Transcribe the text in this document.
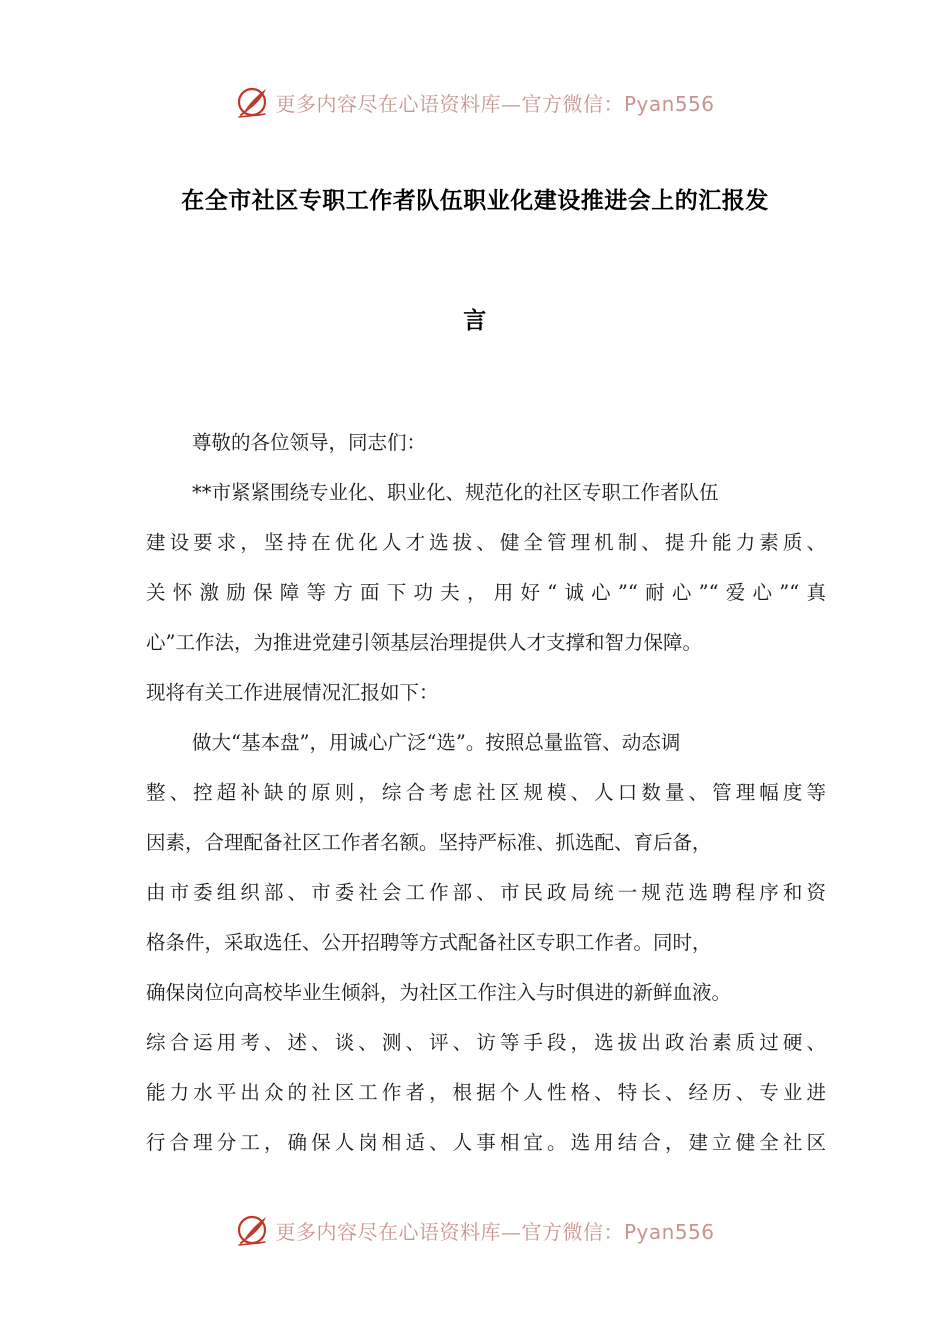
更多内容尽在心语资料库—官方微信：Pyan556
在全市社区专职工作者队伍职业化建设推进会上的汇报发
言
尊敬的各位领导，同志们：
**市紧紧围绕专业化、职业化、规范化的社区专职工作者队伍
建设要求，坚持在优化人才选拔、健全管理机制、提升能力素质、
关怀激励保障等方面下功夫，用好“诚心”“耐心”“爱心”“真
心”工作法，为推进党建引领基层治理提供人才支撑和智力保障。
现将有关工作进展情况汇报如下：
做大“基本盘”，用诚心广泛“选”。按照总量监管、动态调
整、控超补缺的原则，综合考虑社区规模、人口数量、管理幅度等
因素，合理配备社区工作者名额。坚持严标准、抓选配、育后备，
由市委组织部、市委社会工作部、市民政局统一规范选聘程序和资
格条件，采取选任、公开招聘等方式配备社区专职工作者。同时，
确保岗位向高校毕业生倾斜，为社区工作注入与时俱进的新鲜血液。
综合运用考、述、谈、测、评、访等手段，选拔出政治素质过硬、
能力水平出众的社区工作者，根据个人性格、特长、经历、专业进
行合理分工，确保人岗相适、人事相宜。选用结合，建立健全社区
更多内容尽在心语资料库—官方微信：Pyan556
